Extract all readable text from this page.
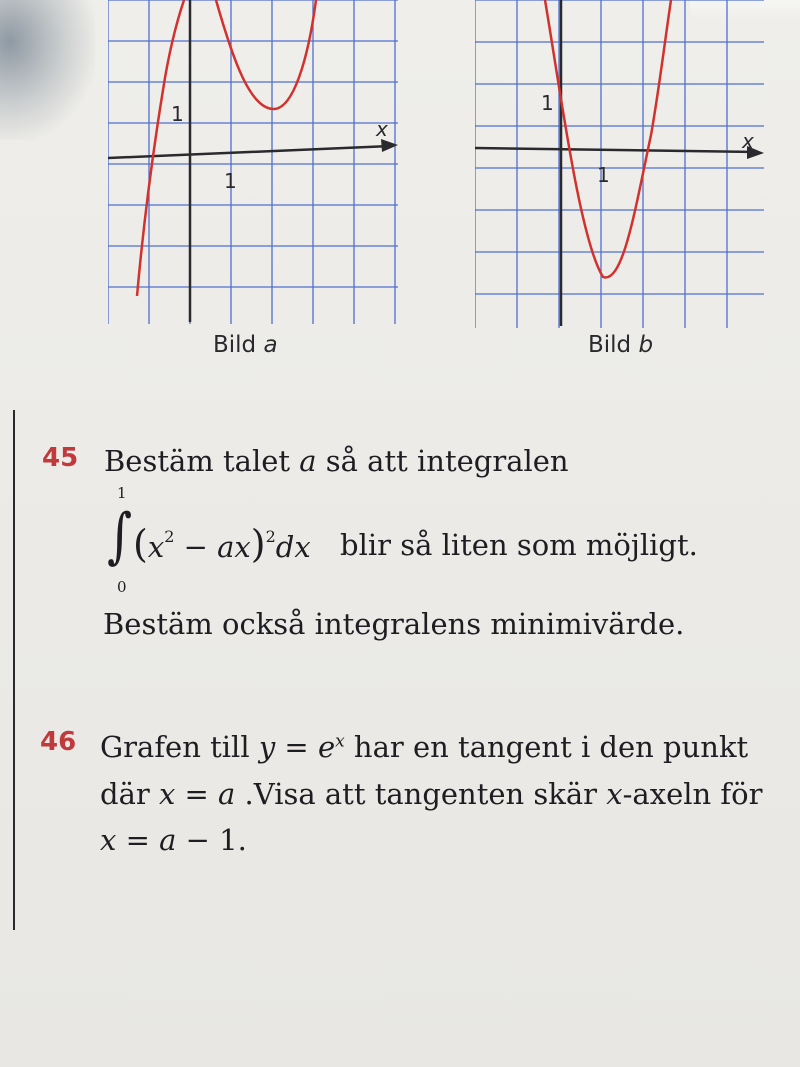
x
1
1
Bild a
x
1
1
Bild b
45 Bestäm talet a så att integralen
1
∫
0
$(x^2 - ax)^2dx$ blir så liten som möjligt.
Bestäm också integralens minimivärde.
46 Grafen till $y = e^x$ har en tangent i den punkt
där x = a .Visa att tangenten skär x-axeln för
x = a − 1.
